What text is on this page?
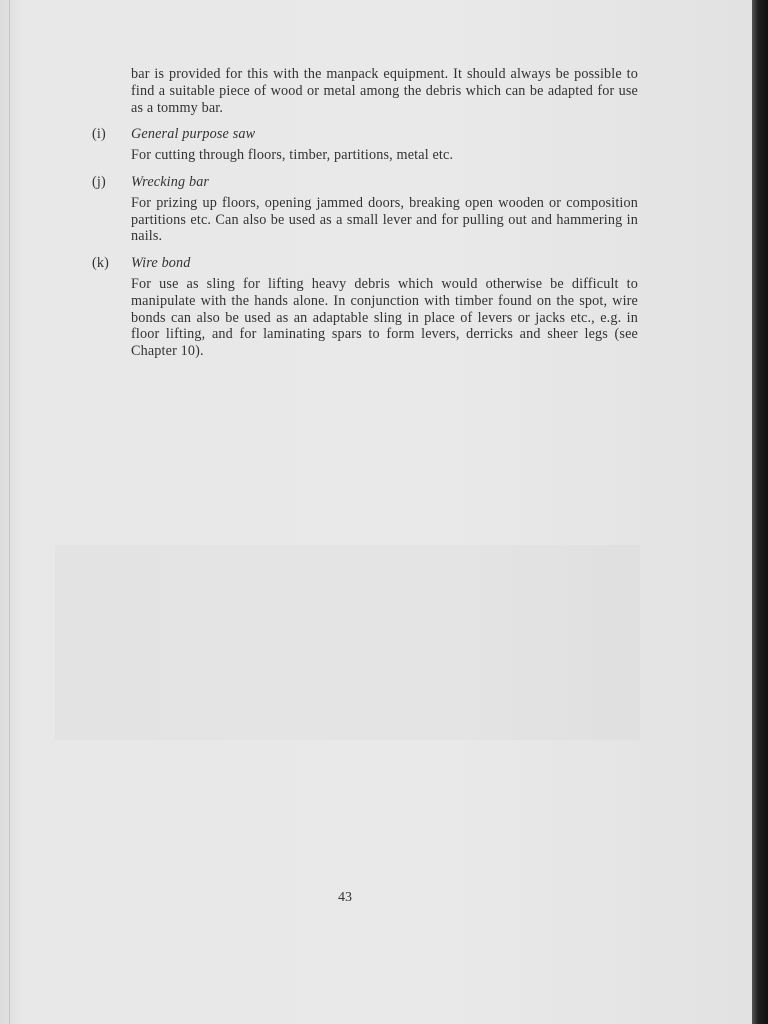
bar is provided for this with the manpack equipment. It should always be possible to find a suitable piece of wood or metal among the debris which can be adapted for use as a tommy bar.

(i) General purpose saw
For cutting through floors, timber, partitions, metal etc.
(j) Wrecking bar
For prizing up floors, opening jammed doors, breaking open wooden or composition partitions etc. Can also be used as a small lever and for pulling out and hammering in nails.
(k) Wire bond
For use as sling for lifting heavy debris which would otherwise be difficult to manipulate with the hands alone. In conjunction with timber found on the spot, wire bonds can also be used as an adaptable sling in place of levers or jacks etc., e.g. in floor lifting, and for laminating spars to form levers, derricks and sheer legs (see Chapter 10).
43
